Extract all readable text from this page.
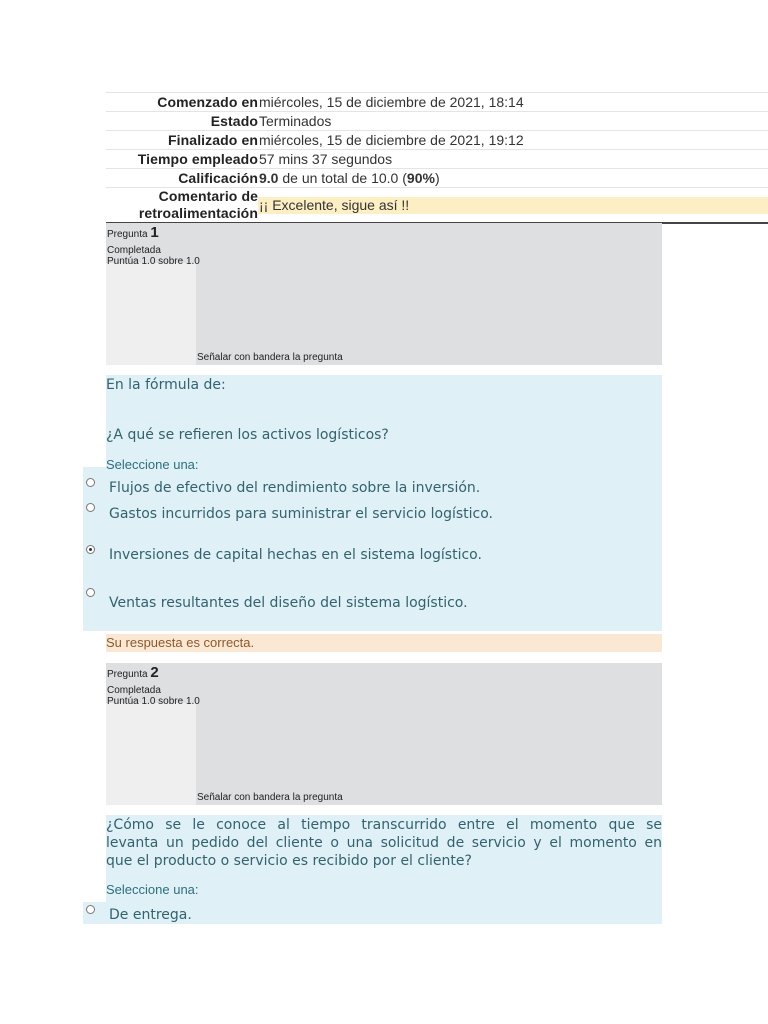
Comenzado en miércoles, 15 de diciembre de 2021, 18:14
Estado Terminados
Finalizado en miércoles, 15 de diciembre de 2021, 19:12
Tiempo empleado 57 mins 37 segundos
Calificación 9.0 de un total de 10.0 (90%)
Comentario de
retroalimentación
¡¡ Excelente, sigue así !!
Pregunta 1
Completada
Puntúa 1.0 sobre 1.0
Señalar con bandera la pregunta

En la fórmula de:

¿A qué se refieren los activos logísticos?

Seleccione una:

Flujos de efectivo del rendimiento sobre la inversión.
Gastos incurridos para suministrar el servicio logístico.
Inversiones de capital hechas en el sistema logístico.
Ventas resultantes del diseño del sistema logístico.
Su respuesta es correcta.
Pregunta 2
Completada
Puntúa 1.0 sobre 1.0
Señalar con bandera la pregunta

¿Cómo se le conoce al tiempo transcurrido entre el momento que se

levanta un pedido del cliente o una solicitud de servicio y el momento en

que el producto o servicio es recibido por el cliente?

Seleccione una:

De entrega.
